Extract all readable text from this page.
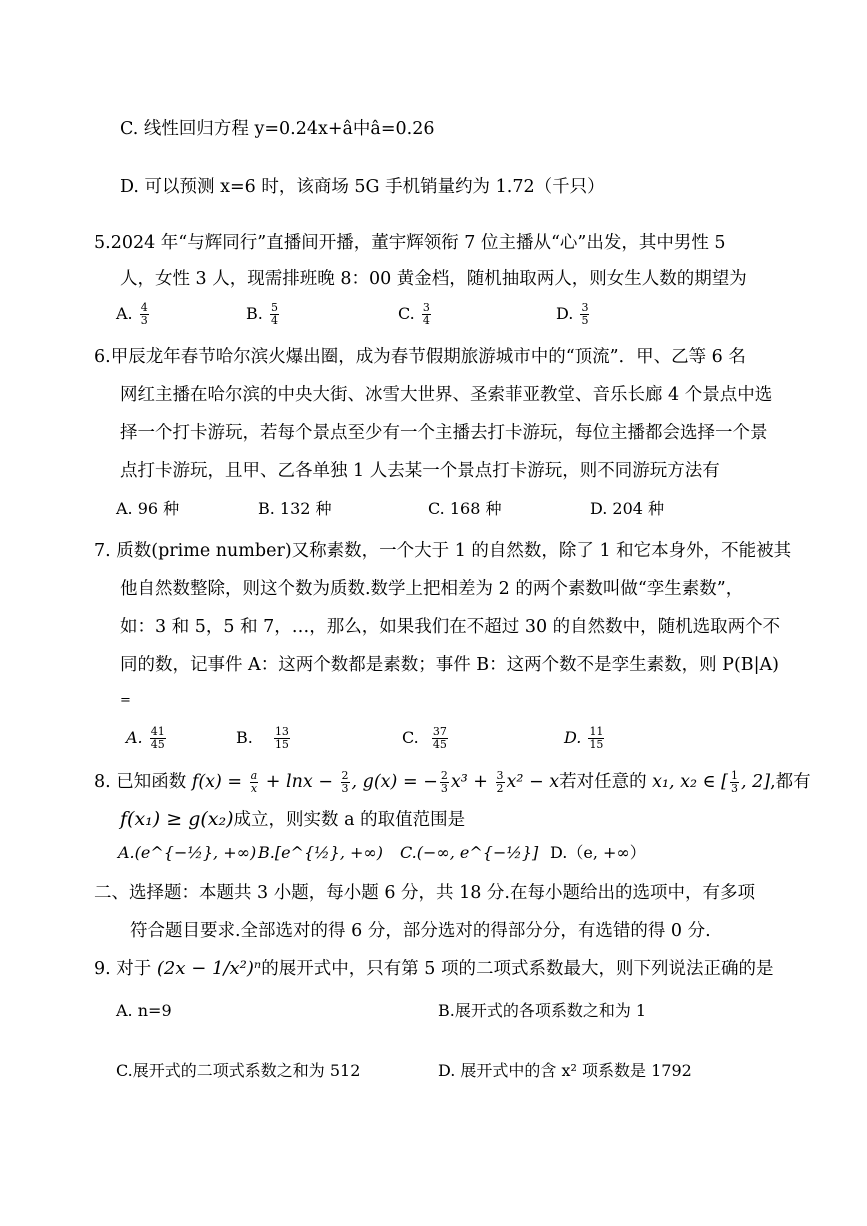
C. 线性回归方程 y=0.24x+â中â=0.26
D. 可以预测 x=6 时，该商场 5G 手机销量约为 1.72（千只）
5.2024 年“与辉同行”直播间开播，董宇辉领衔 7 位主播从“心”出发，其中男性 5
人，女性 3 人，现需排班晚 8：00 黄金档，随机抽取两人，则女生人数的期望为
A. $\frac{4}{3}$	B. $\frac{5}{4}$	C. $\frac{3}{4}$	D. $\frac{3}{5}$
6.甲辰龙年春节哈尔滨火爆出圈，成为春节假期旅游城市中的“顶流”．甲、乙等 6 名
网红主播在哈尔滨的中央大街、冰雪大世界、圣索菲亚教堂、音乐长廊 4 个景点中选
择一个打卡游玩，若每个景点至少有一个主播去打卡游玩，每位主播都会选择一个景
点打卡游玩，且甲、乙各单独 1 人去某一个景点打卡游玩，则不同游玩方法有
A. 96 种	B. 132 种	C. 168 种	D. 204 种
7. 质数(prime number)又称素数，一个大于 1 的自然数，除了 1 和它本身外，不能被其
他自然数整除，则这个数为质数.数学上把相差为 2 的两个素数叫做“孪生素数”，
如：3 和 5，5 和 7，…，那么，如果我们在不超过 30 的自然数中，随机选取两个不
同的数，记事件 A：这两个数都是素数；事件 B：这两个数不是孪生素数，则 P(B|A)
=
A. $\frac{41}{45}$	B. $\frac{13}{15}$	C. $\frac{37}{45}$	D. $\frac{11}{15}$
8. 已知函数 $f(x) = \frac{a}{x} + \ln x - \frac{2}{3}$ , g(x) = − $\frac{2}{3} x^3 + \frac{3}{2} x^2 - x$若对任意的 x₁, x₂ ∈ [ $\frac{1}{3}$ , 2],都有
f(x₁) ≥ g(x₂)成立，则实数 a 的取值范围是
A.(e^{−½}, +∞) B.[e^{½}, +∞) C.(−∞, e^{−½}] D.（e, +∞）
二、选择题：本题共 3 小题，每小题 6 分，共 18 分.在每小题给出的选项中，有多项
符合题目要求.全部选对的得 6 分，部分选对的得部分分，有选错的得 0 分.
9. 对于 (2x − 1/x²)ⁿ的展开式中，只有第 5 项的二项式系数最大，则下列说法正确的是
A. n=9	B.展开式的各项系数之和为 1
C.展开式的二项式系数之和为 512	D. 展开式中的含 x² 项系数是 1792
